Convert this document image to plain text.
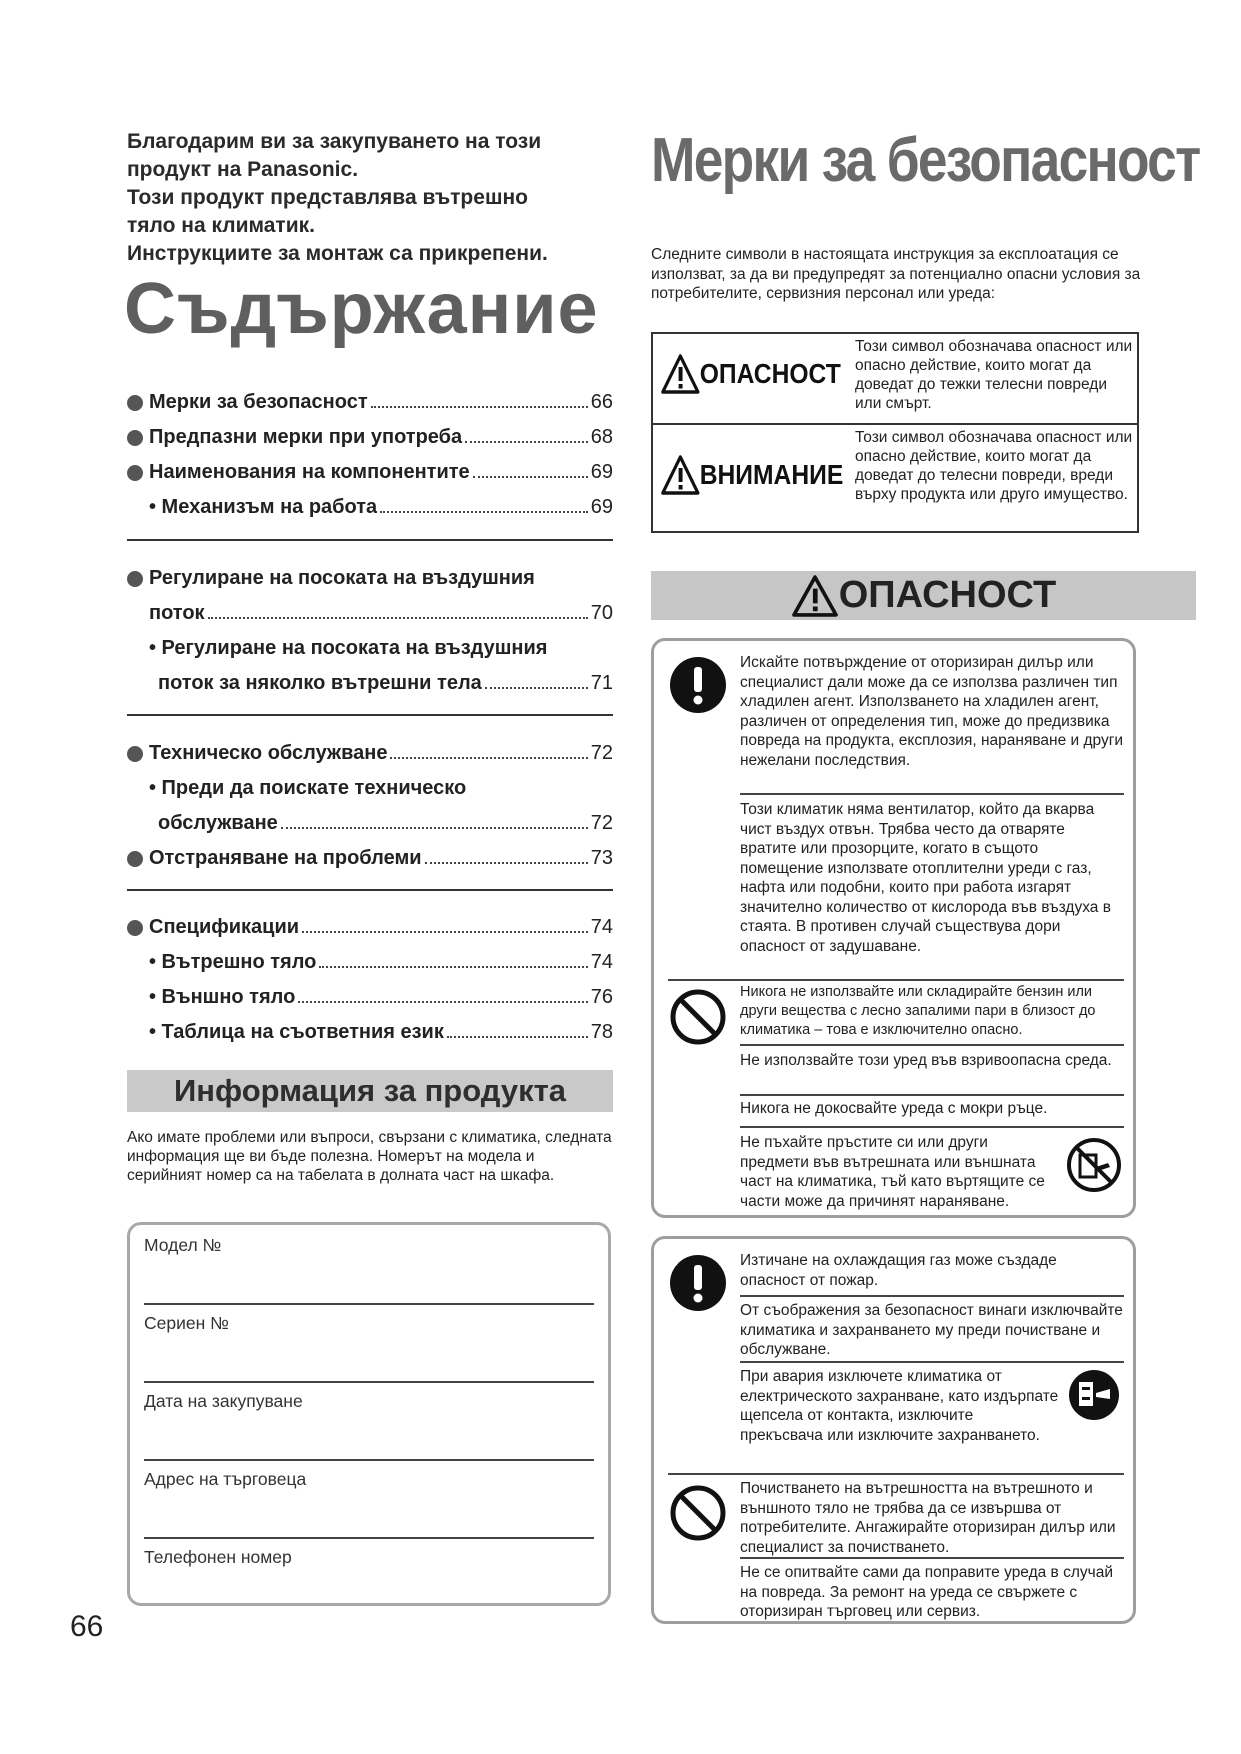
Благодарим ви за закупуването на този
продукт на Panasonic.
Този продукт представлява вътрешно
тяло на климатик.
Инструкциите за монтаж са прикрепени.
Съдържание
Мерки за безопасност	66
Предпазни мерки при употреба	68
Наименования на компонентите	69
• Механизъм на работа	69
Регулиране на посоката на въздушния
поток	70
• Регулиране на посоката на въздушния
поток за няколко вътрешни тела	71
Техническо обслужване	72
• Преди да поискате техническо
обслужване	72
Отстраняване на проблеми	73
Спецификации	74
• Вътрешно тяло	74
• Външно тяло	76
• Таблица на съответния език	78
Информация за продукта
Ако имате проблеми или въпроси, свързани с климатика, следната информация ще ви бъде полезна. Номерът на модела и серийният номер са на табелата в долната част на шкафа.
Модел №
Сериен №
Дата на закупуване
Адрес на търговеца
Телефонен номер
66
Мерки за безопасност
Следните символи в настоящата инструкция за експлоатация се използват, за да ви предупредят за потенциално опасни условия за потребителите, сервизния персонал или уреда:
ОПАСНОСТ
Този символ обозначава опасност или опасно действие, които могат да доведат до тежки телесни повреди или смърт.
ВНИМАНИЕ
Този символ обозначава опасност или опасно действие, които могат да доведат до телесни повреди, вреди върху продукта или друго имущество.
ОПАСНОСТ
Искайте потвърждение от оторизиран дилър или специалист дали може да се използва различен тип хладилен агент. Използването на хладилен агент, различен от определения тип, може до предизвика повреда на продукта, експлозия, нараняване и други нежелани последствия.
Този климатик няма вентилатор, който да вкарва чист въздух отвън. Трябва често да отваряте вратите или прозорците, когато в същото помещение използвате отоплителни уреди с газ, нафта или подобни, които при работа изгарят значително количество от кислорода във въздуха в стаята. В противен случай съществува дори опасност от задушаване.
Никога не използвайте или складирайте бензин или други вещества с лесно запалими пари в близост до климатика – това е изключително опасно.
Не използвайте този уред във взривоопасна среда.
Никога не докосвайте уреда с мокри ръце.
Не пъхайте пръстите си или други предмети във вътрешната или външната част на климатика, тъй като въртящите се части може да причинят нараняване.
Изтичане на охлаждащия газ може създаде опасност от пожар.
От съображения за безопасност винаги изключвайте климатика и захранването му преди почистване и обслужване.
При авария изключете климатика от електрическото захранване, като издърпате щепсела от контакта, изключите прекъсвача или изключите захранването.
Почистването на вътрешността на вътрешното и външното тяло не трябва да се извършва от потребителите. Ангажирайте оторизиран дилър или специалист за почистването.
Не се опитвайте сами да поправите уреда в случай на повреда. За ремонт на уреда се свържете с оторизиран търговец или сервиз.
